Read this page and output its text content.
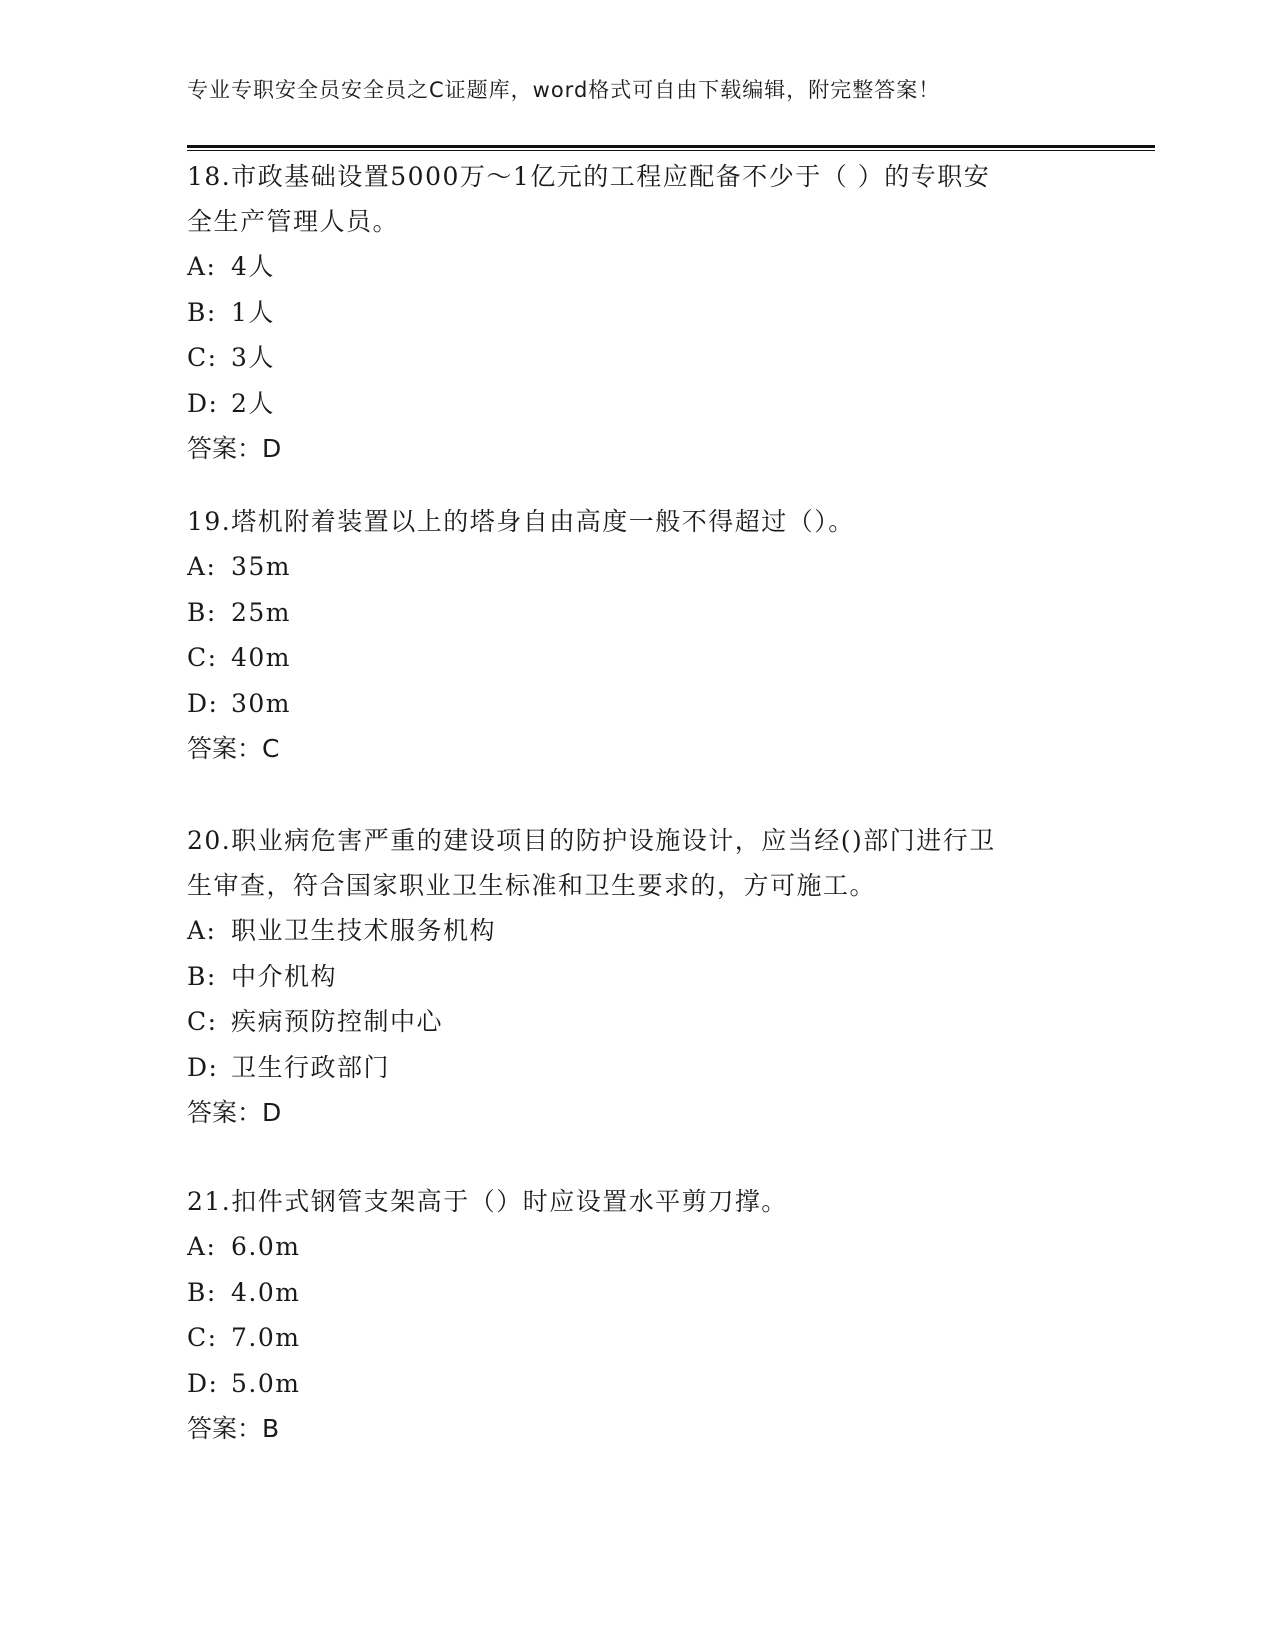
专业专职安全员安全员之C证题库，word格式可自由下载编辑，附完整答案！
18.市政基础设置5000万～1亿元的工程应配备不少于（ ）的专职安
全生产管理人员。
A: 4人
B: 1人
C: 3人
D: 2人
答案：D
19.塔机附着装置以上的塔身自由高度一般不得超过（）。
A: 35m
B: 25m
C: 40m
D: 30m
答案：C
20.职业病危害严重的建设项目的防护设施设计，应当经()部门进行卫
生审查，符合国家职业卫生标准和卫生要求的，方可施工。
A: 职业卫生技术服务机构
B: 中介机构
C: 疾病预防控制中心
D: 卫生行政部门
答案：D
21.扣件式钢管支架高于（）时应设置水平剪刀撑。
A: 6.0m
B: 4.0m
C: 7.0m
D: 5.0m
答案：B
